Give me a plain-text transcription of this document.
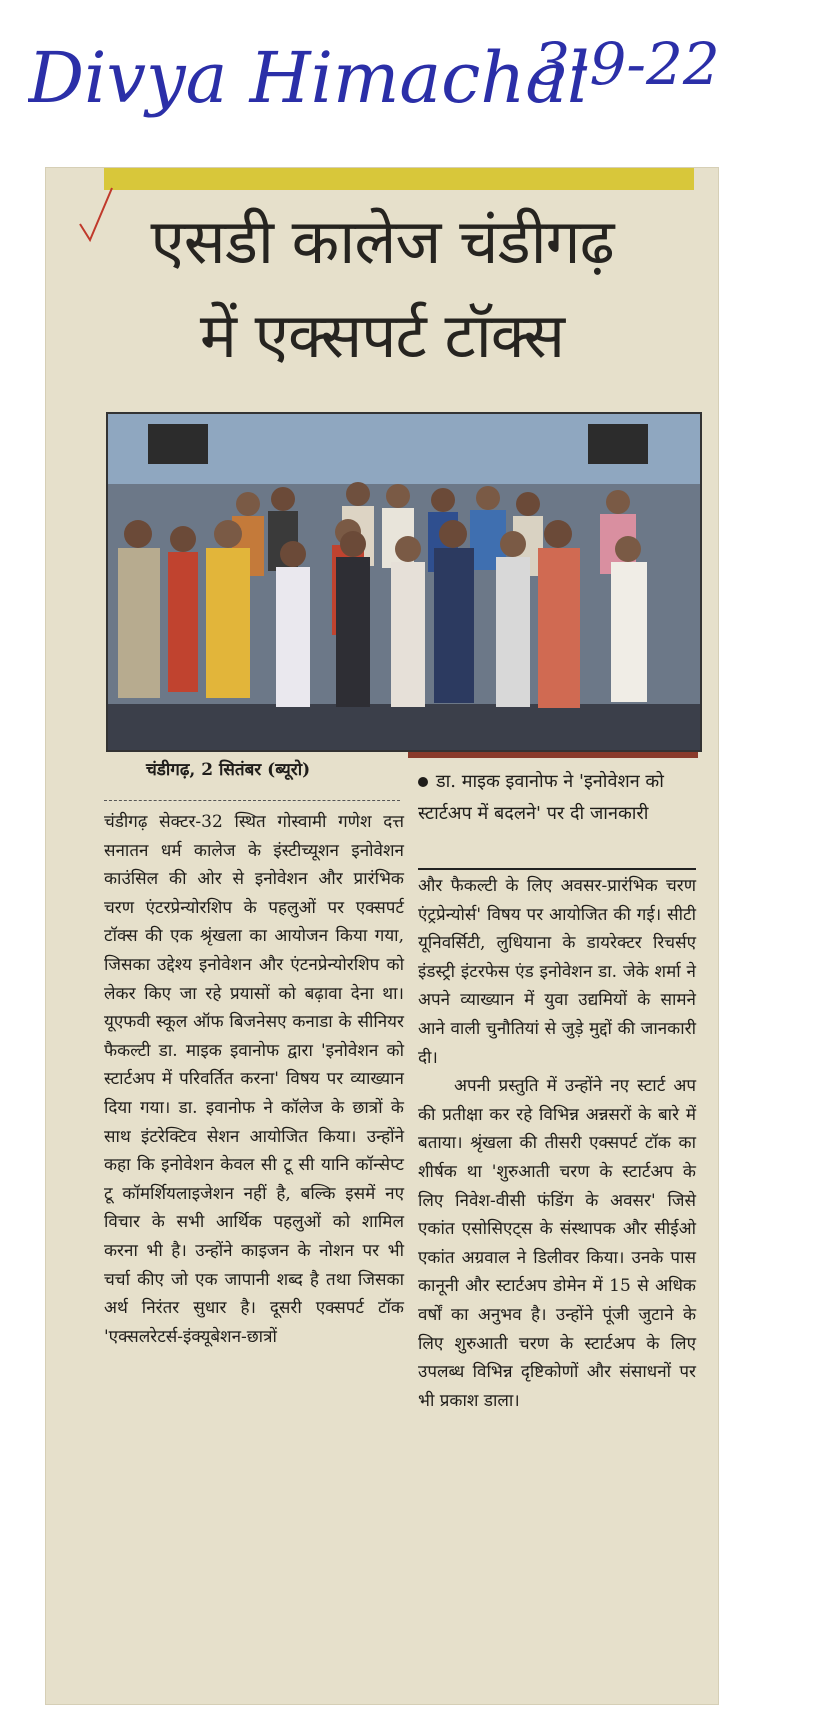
Divya Himachal
3-9-22
एसडी कालेज चंडीगढ़
में एक्सपर्ट टॉक्स
चंडीगढ़, 2 सितंबर (ब्यूरो)

चंडीगढ़ सेक्टर-32 स्थित गोस्वामी गणेश दत्त सनातन धर्म कालेज के इंस्टीच्यूशन इनोवेशन काउंसिल की ओर से इनोवेशन और प्रारंभिक चरण एंटरप्रेन्योरशिप के पहलुओं पर एक्सपर्ट टॉक्स की एक श्रृंखला का आयोजन किया गया, जिसका उद्देश्य इनोवेशन और एंटनप्रेन्योरशिप को लेकर किए जा रहे प्रयासों को बढ़ावा देना था। यूएफवी स्कूल ऑफ बिजनेसए कनाडा के सीनियर फैकल्टी डा. माइक इवानोफ द्वारा 'इनोवेशन को स्टार्टअप में परिवर्तित करना' विषय पर व्याख्यान दिया गया। डा. इवानोफ ने कॉलेज के छात्रों के साथ इंटरेक्टिव सेशन आयोजित किया। उन्होंने कहा कि इनोवेशन केवल सी टू सी यानि कॉन्सेप्ट टू कॉमर्शियलाइजेशन नहीं है, बल्कि इसमें नए विचार के सभी आर्थिक पहलुओं को शामिल करना भी है। उन्होंने काइजन के नोशन पर भी चर्चा कीए जो एक जापानी शब्द है तथा जिसका अर्थ निरंतर सुधार है। दूसरी एक्सपर्ट टॉक 'एक्सलरेटर्स-इंक्यूबेशन-छात्रों

डा. माइक इवानोफ ने 'इनोवेशन को स्टार्टअप में बदलने' पर दी जानकारी

और फैकल्टी के लिए अवसर-प्रारंभिक चरण एंट्रप्रेन्योर्स' विषय पर आयोजित की गई। सीटी यूनिवर्सिटी, लुधियाना के डायरेक्टर रिचर्सए इंडस्ट्री इंटरफेस एंड इनोवेशन डा. जेके शर्मा ने अपने व्याख्यान में युवा उद्यमियों के सामने आने वाली चुनौतियां से जुड़े मुद्दों की जानकारी दी।

अपनी प्रस्तुति में उन्होंने नए स्टार्ट अप की प्रतीक्षा कर रहे विभिन्न अन्नसरों के बारे में बताया। श्रृंखला की तीसरी एक्सपर्ट टॉक का शीर्षक था 'शुरुआती चरण के स्टार्टअप के लिए निवेश-वीसी फंडिंग के अवसर' जिसे एकांत एसोसिएट्स के संस्थापक और सीईओ एकांत अग्रवाल ने डिलीवर किया। उनके पास कानूनी और स्टार्टअप डोमेन में 15 से अधिक वर्षों का अनुभव है। उन्होंने पूंजी जुटाने के लिए शुरुआती चरण के स्टार्टअप के लिए उपलब्ध विभिन्न दृष्टिकोणों और संसाधनों पर भी प्रकाश डाला।
